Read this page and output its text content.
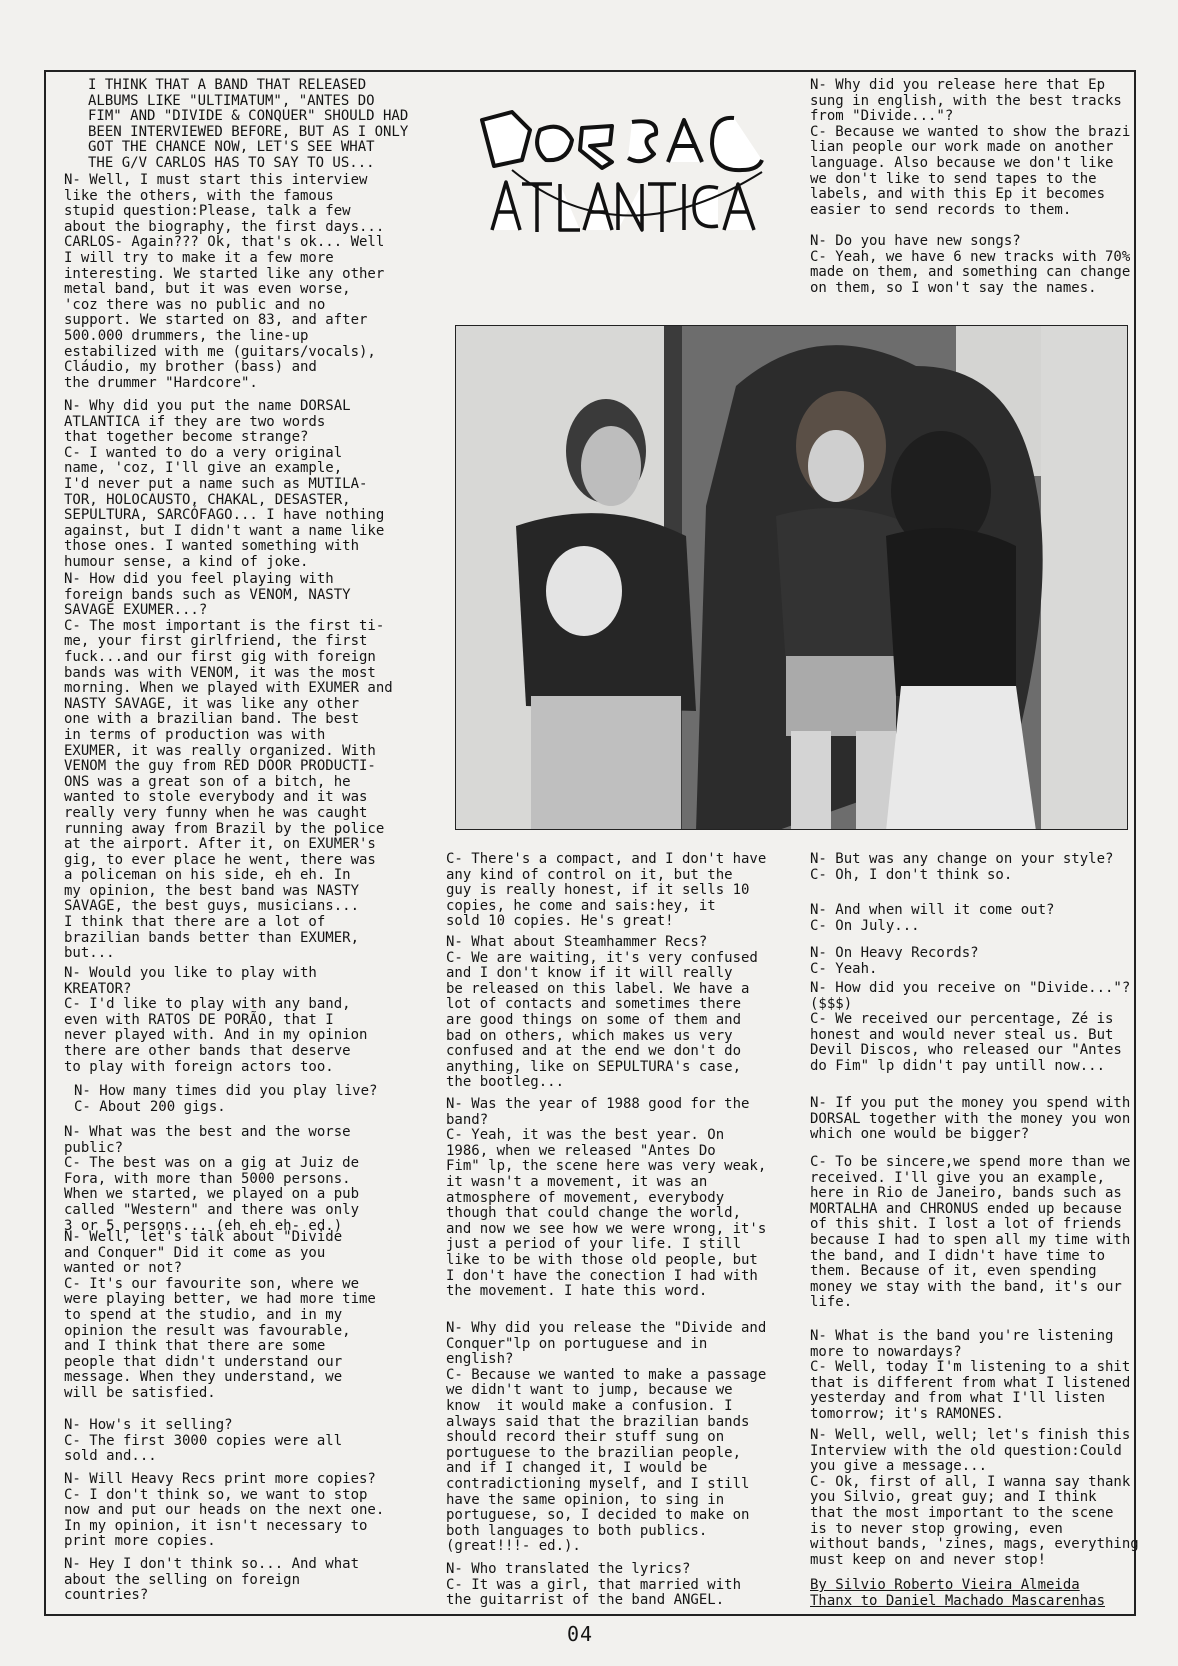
I THINK THAT A BAND THAT RELEASED
ALBUMS LIKE "ULTIMATUM", "ANTES DO
FIM" AND "DIVIDE & CONQUER" SHOULD HAD
BEEN INTERVIEWED BEFORE, BUT AS I ONLY
GOT THE CHANCE NOW, LET'S SEE WHAT
THE G/V CARLOS HAS TO SAY TO US...
N- Well, I must start this interview
like the others, with the famous
stupid question:Please, talk a few
about the biography, the first days...
CARLOS- Again??? Ok, that's ok... Well
I will try to make it a few more
interesting. We started like any other
metal band, but it was even worse,
'coz there was no public and no
support. We started on 83, and after
500.000 drummers, the line-up
estabilized with me (guitars/vocals),
Cláudio, my brother (bass) and
the drummer "Hardcore".
N- Why did you put the name DORSAL
ATLANTICA if they are two words
that together become strange?
C- I wanted to do a very original
name, 'coz, I'll give an example,
I'd never put a name such as MUTILA-
TOR, HOLOCAUSTO, CHAKAL, DESASTER,
SEPULTURA, SARCÓFAGO... I have nothing
against, but I didn't want a name like
those ones. I wanted something with
humour sense, a kind of joke.
N- How did you feel playing with
foreign bands such as VENOM, NASTY
SAVAGE EXUMER...?
C- The most important is the first ti-
me, your first girlfriend, the first
fuck...and our first gig with foreign
bands was with VENOM, it was the most
morning. When we played with EXUMER and
NASTY SAVAGE, it was like any other
one with a brazilian band. The best
in terms of production was with
EXUMER, it was really organized. With
VENOM the guy from RED DOOR PRODUCTI-
ONS was a great son of a bitch, he
wanted to stole everybody and it was
really very funny when he was caught
running away from Brazil by the police
at the airport. After it, on EXUMER's
gig, to ever place he went, there was
a policeman on his side, eh eh. In
my opinion, the best band was NASTY
SAVAGE, the best guys, musicians...
I think that there are a lot of
brazilian bands better than EXUMER,
but...
N- Would you like to play with
KREATOR?
C- I'd like to play with any band,
even with RATOS DE PORÃO, that I
never played with. And in my opinion
there are other bands that deserve
to play with foreign actors too.
N- How many times did you play live?
C- About 200 gigs.
N- What was the best and the worse
public?
C- The best was on a gig at Juiz de
Fora, with more than 5000 persons.
When we started, we played on a pub
called "Western" and there was only
3 or 5 persons... (eh eh eh- ed.)
N- Well, let's talk about "Divide
and Conquer" Did it come as you
wanted or not?
C- It's our favourite son, where we
were playing better, we had more time
to spend at the studio, and in my
opinion the result was favourable,
and I think that there are some
people that didn't understand our
message. When they understand, we
will be satisfied.
N- How's it selling?
C- The first 3000 copies were all
sold and...
N- Will Heavy Recs print more copies?
C- I don't think so, we want to stop
now and put our heads on the next one.
In my opinion, it isn't necessary to
print more copies.
N- Hey I don't think so... And what
about the selling on foreign
countries?
N- Why did you release here that Ep
sung in english, with the best tracks
from "Divide..."?
C- Because we wanted to show the brazi
lian people our work made on another
language. Also because we don't like
we don't like to send tapes to the
labels, and with this Ep it becomes
easier to send records to them.
N- Do you have new songs?
C- Yeah, we have 6 new tracks with 70%
made on them, and something can change
on them, so I won't say the names.
C- There's a compact, and I don't have
any kind of control on it, but the
guy is really honest, if it sells 10
copies, he come and sais:hey, it
sold 10 copies. He's great!
N- What about Steamhammer Recs?
C- We are waiting, it's very confused
and I don't know if it will really
be released on this label. We have a
lot of contacts and sometimes there
are good things on some of them and
bad on others, which makes us very
confused and at the end we don't do
anything, like on SEPULTURA's case,
the bootleg...
N- Was the year of 1988 good for the
band?
C- Yeah, it was the best year. On
1986, when we released "Antes Do
Fim" lp, the scene here was very weak,
it wasn't a movement, it was an
atmosphere of movement, everybody
though that could change the world,
and now we see how we were wrong, it's
just a period of your life. I still
like to be with those old people, but
I don't have the conection I had with
the movement. I hate this word.
N- Why did you release the "Divide and
Conquer"lp on portuguese and in
english?
C- Because we wanted to make a passage
we didn't want to jump, because we
know  it would make a confusion. I
always said that the brazilian bands
should record their stuff sung on
portuguese to the brazilian people,
and if I changed it, I would be
contradictioning myself, and I still
have the same opinion, to sing in
portuguese, so, I decided to make on
both languages to both publics.
(great!!!- ed.).
N- Who translated the lyrics?
C- It was a girl, that married with
the guitarrist of the band ANGEL.
N- But was any change on your style?
C- Oh, I don't think so.
N- And when will it come out?
C- On July...
N- On Heavy Records?
C- Yeah.
N- How did you receive on "Divide..."?
($$$)
C- We received our percentage, Zé is
honest and would never steal us. But
Devil Discos, who released our "Antes
do Fim" lp didn't pay untill now...
N- If you put the money you spend with
DORSAL together with the money you won
which one would be bigger?
C- To be sincere,we spend more than we
received. I'll give you an example,
here in Rio de Janeiro, bands such as
MORTALHA and CHRONUS ended up because
of this shit. I lost a lot of friends
because I had to spen all my time with
the band, and I didn't have time to
them. Because of it, even spending
money we stay with the band, it's our
life.
N- What is the band you're listening
more to nowardays?
C- Well, today I'm listening to a shit
that is different from what I listened
yesterday and from what I'll listen
tomorrow; it's RAMONES.
N- Well, well, well; let's finish this
Interview with the old question:Could
you give a message...
C- Ok, first of all, I wanna say thank
you Silvio, great guy; and I think
that the most important to the scene
is to never stop growing, even
without bands, 'zines, mags, everything
must keep on and never stop!
By Silvio Roberto Vieira Almeida
Thanx to Daniel Machado Mascarenhas
04
